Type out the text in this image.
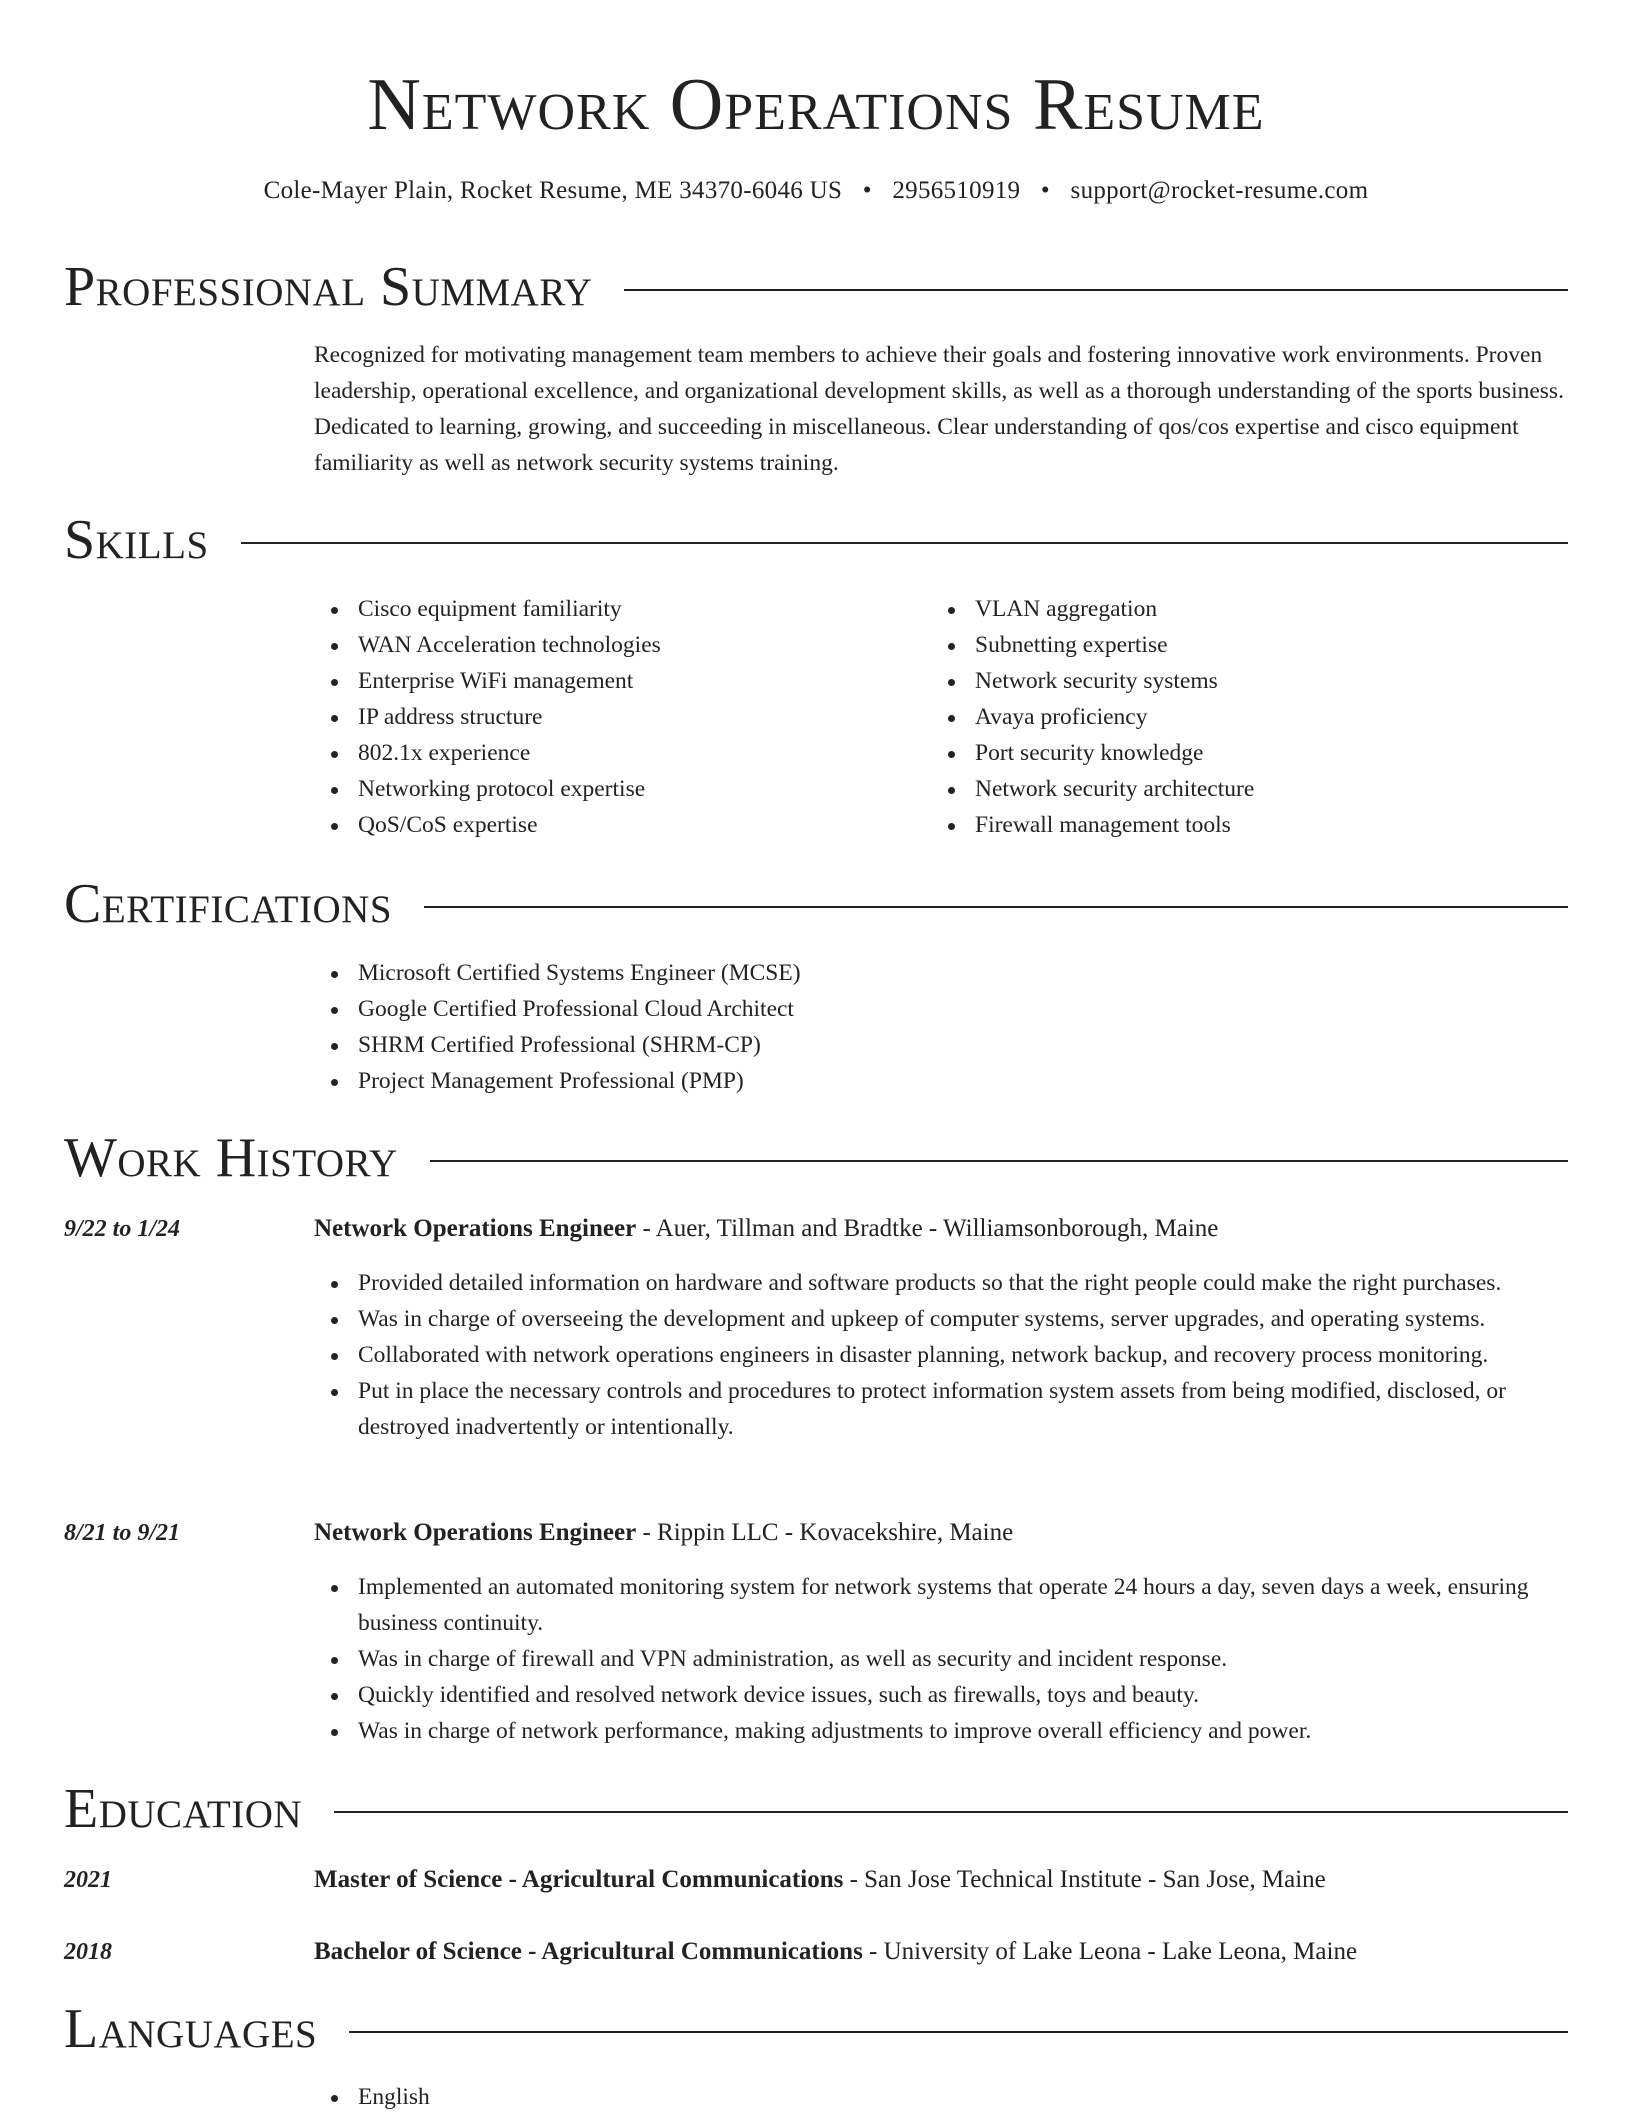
Network Operations Resume
Cole-Mayer Plain, Rocket Resume, ME 34370-6046 US • 2956510919 • support@rocket-resume.com
Professional Summary

Recognized for motivating management team members to achieve their goals and fostering innovative work environments. Proven leadership, operational excellence, and organizational development skills, as well as a thorough understanding of the sports business. Dedicated to learning, growing, and succeeding in miscellaneous. Clear understanding of qos/cos expertise and cisco equipment familiarity as well as network security systems training.

Skills
Cisco equipment familiarity
WAN Acceleration technologies
Enterprise WiFi management
IP address structure
802.1x experience
Networking protocol expertise
QoS/CoS expertise
VLAN aggregation
Subnetting expertise
Network security systems
Avaya proficiency
Port security knowledge
Network security architecture
Firewall management tools
Certifications
Microsoft Certified Systems Engineer (MCSE)
Google Certified Professional Cloud Architect
SHRM Certified Professional (SHRM-CP)
Project Management Professional (PMP)
Work History
9/22 to 1/24	Network Operations Engineer - Auer, Tillman and Bradtke - Williamsonborough, Maine
Provided detailed information on hardware and software products so that the right people could make the right purchases.
Was in charge of overseeing the development and upkeep of computer systems, server upgrades, and operating systems.
Collaborated with network operations engineers in disaster planning, network backup, and recovery process monitoring.
Put in place the necessary controls and procedures to protect information system assets from being modified, disclosed, or destroyed inadvertently or intentionally.
8/21 to 9/21	Network Operations Engineer - Rippin LLC - Kovacekshire, Maine
Implemented an automated monitoring system for network systems that operate 24 hours a day, seven days a week, ensuring business continuity.
Was in charge of firewall and VPN administration, as well as security and incident response.
Quickly identified and resolved network device issues, such as firewalls, toys and beauty.
Was in charge of network performance, making adjustments to improve overall efficiency and power.
Education
2021	Master of Science - Agricultural Communications - San Jose Technical Institute - San Jose, Maine
2018	Bachelor of Science - Agricultural Communications - University of Lake Leona - Lake Leona, Maine
Languages
English
